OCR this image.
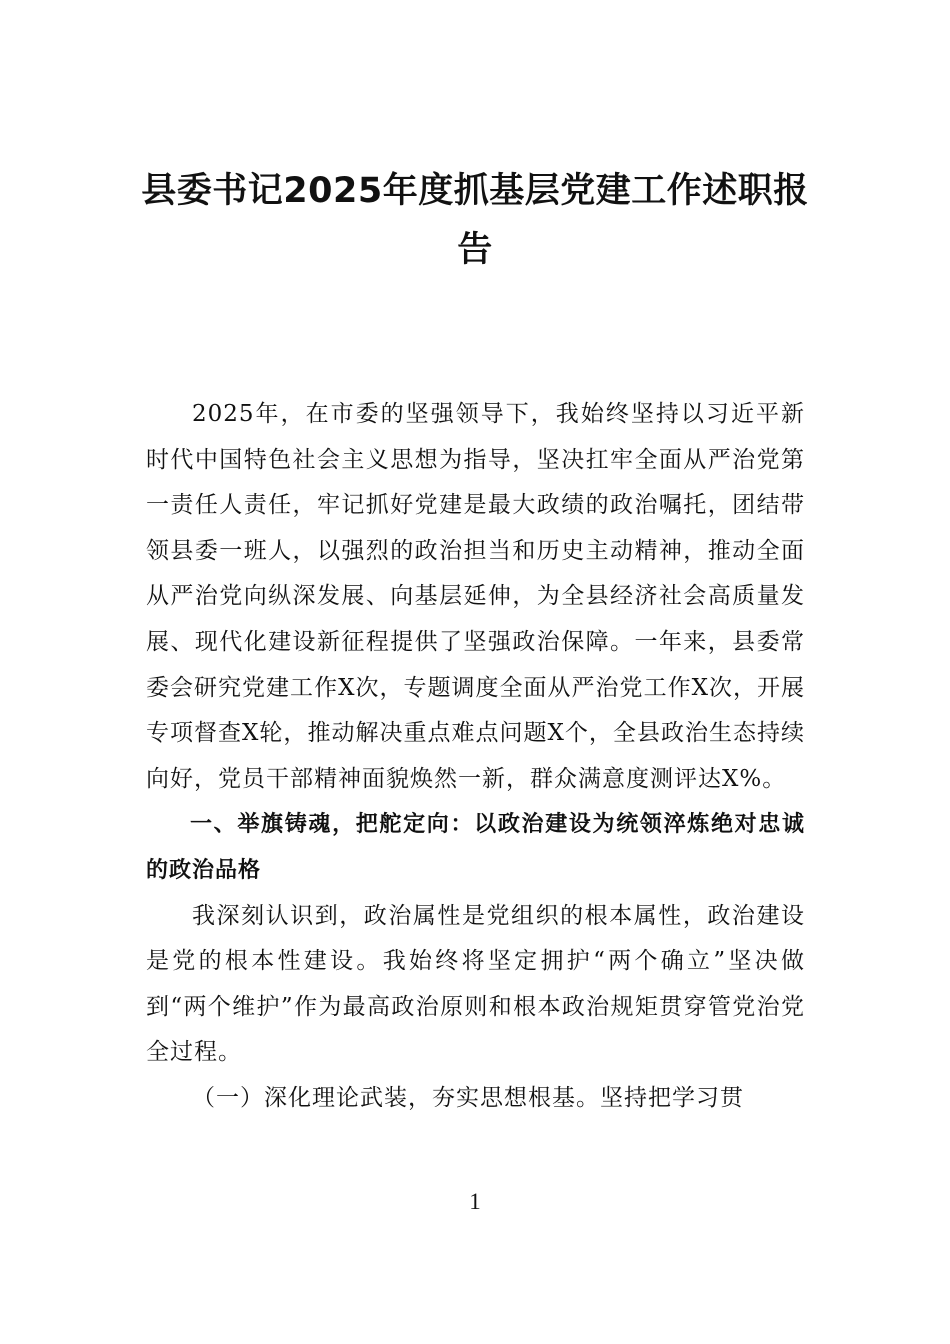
县委书记2025年度抓基层党建工作述职报告

2025年，在市委的坚强领导下，我始终坚持以习近平新时代中国特色社会主义思想为指导，坚决扛牢全面从严治党第一责任人责任，牢记抓好党建是最大政绩的政治嘱托，团结带领县委一班人，以强烈的政治担当和历史主动精神，推动全面从严治党向纵深发展、向基层延伸，为全县经济社会高质量发展、现代化建设新征程提供了坚强政治保障。一年来，县委常委会研究党建工作X次，专题调度全面从严治党工作X次，开展专项督查X轮，推动解决重点难点问题X个，全县政治生态持续向好，党员干部精神面貌焕然一新，群众满意度测评达X%。

一、举旗铸魂，把舵定向：以政治建设为统领淬炼绝对忠诚的政治品格

我深刻认识到，政治属性是党组织的根本属性，政治建设是党的根本性建设。我始终将坚定拥护“两个确立”坚决做到“两个维护”作为最高政治原则和根本政治规矩贯穿管党治党全过程。

（一）深化理论武装，夯实思想根基。坚持把学习贯

1
